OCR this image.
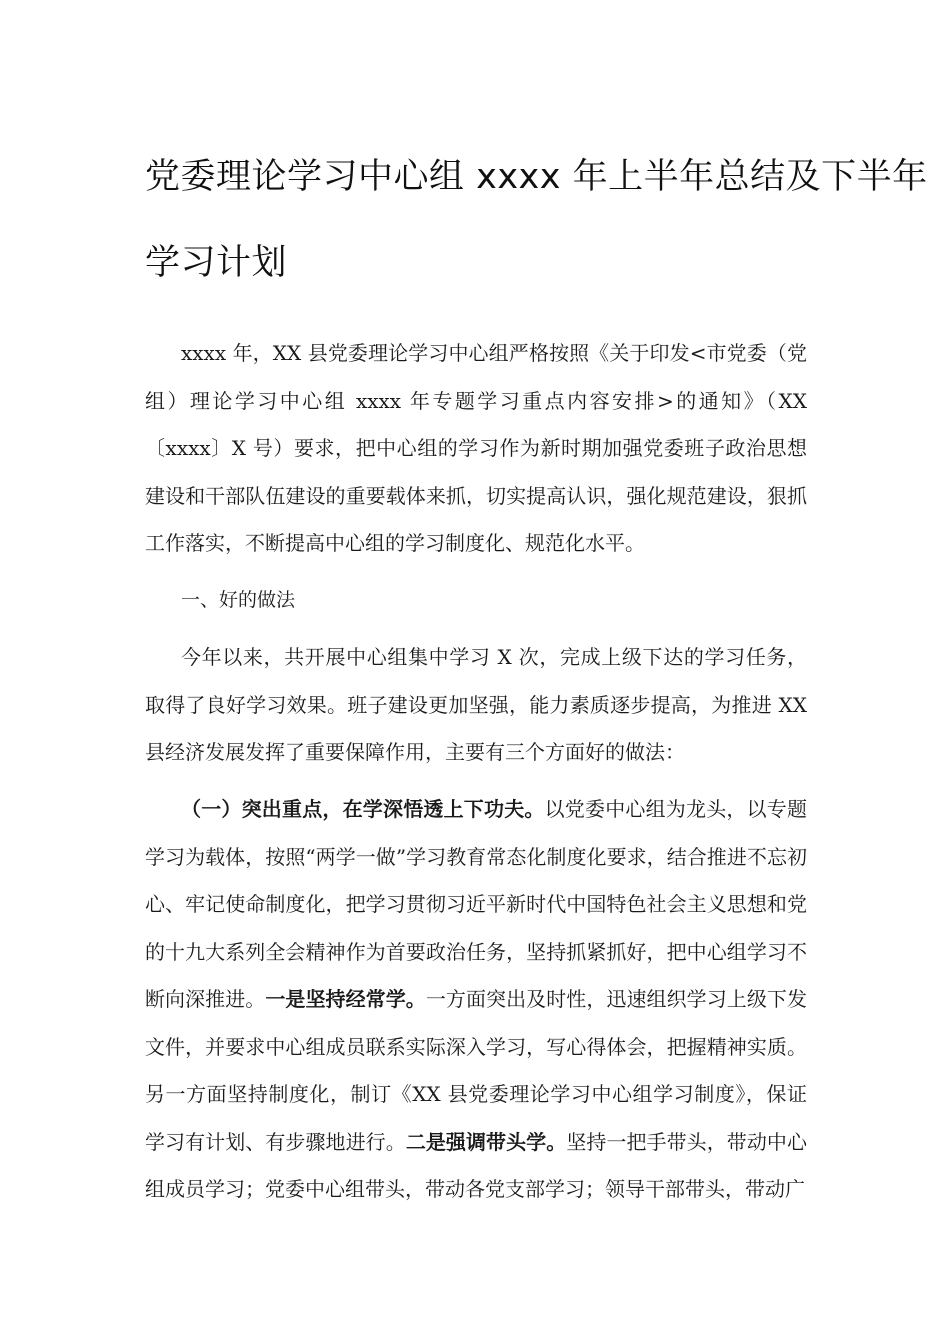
党委理论学习中心组 xxxx 年上半年总结及下半年
学习计划

xxxx 年，XX 县党委理论学习中心组严格按照《关于印发<市党委（党组）理论学习中心组 xxxx 年专题学习重点内容安排>的通知》（XX〔xxxx〕X 号）要求，把中心组的学习作为新时期加强党委班子政治思想建设和干部队伍建设的重要载体来抓，切实提高认识，强化规范建设，狠抓工作落实，不断提高中心组的学习制度化、规范化水平。

一、好的做法

今年以来，共开展中心组集中学习 X 次，完成上级下达的学习任务，取得了良好学习效果。班子建设更加坚强，能力素质逐步提高，为推进 XX 县经济发展发挥了重要保障作用，主要有三个方面好的做法：

（一）突出重点，在学深悟透上下功夫。以党委中心组为龙头，以专题学习为载体，按照“两学一做”学习教育常态化制度化要求，结合推进不忘初心、牢记使命制度化，把学习贯彻习近平新时代中国特色社会主义思想和党的十九大系列全会精神作为首要政治任务，坚持抓紧抓好，把中心组学习不断向深推进。一是坚持经常学。一方面突出及时性，迅速组织学习上级下发文件，并要求中心组成员联系实际深入学习，写心得体会，把握精神实质。另一方面坚持制度化，制订《XX 县党委理论学习中心组学习制度》，保证学习有计划、有步骤地进行。二是强调带头学。坚持一把手带头，带动中心组成员学习；党委中心组带头，带动各党支部学习；领导干部带头，带动广
